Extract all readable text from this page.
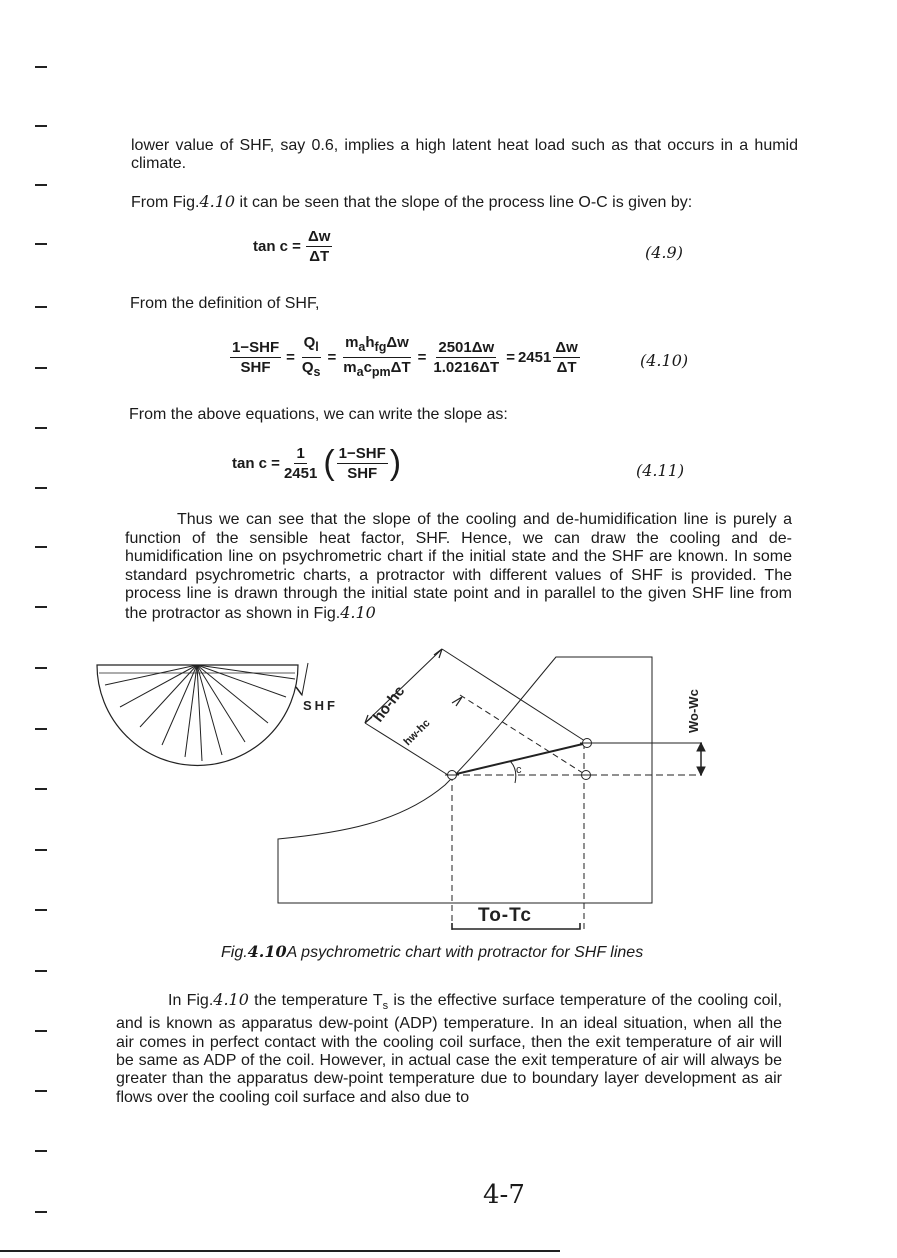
lower value of SHF, say 0.6, implies a high latent heat load such as that occurs in a humid climate.

From Fig.4.10 it can be seen that the slope of the process line O-C is given by:

$\tan c = \frac{\Delta w}{\Delta T}$	(4.9)

From the definition of SHF,

$\frac{\text{1−SHF}}{\text{SHF}} = \frac{Q_l}{Q_s} = \frac{m_ah_{fg}\Delta w}{m_ac_{pm}\Delta T} = \frac{2501\Delta w}{1.0216\Delta T} = 2451 \frac{\Delta w}{\Delta T}$	(4.10)

From the above equations, we can write the slope as:

$\tan c = \frac{1}{2451}$ ( $\frac{\text{1−SHF}}{\text{SHF}}$ )	(4.11)

Thus we can see that the slope of the cooling and de-humidification line is purely a function of the sensible heat factor, SHF. Hence, we can draw the cooling and de-humidification line on psychrometric chart if the initial state and the SHF are known. In some standard psychrometric charts, a protractor with different values of SHF is provided. The process line is drawn through the initial state point and in parallel to the given SHF line from the protractor as shown in Fig.4.10

SHF ho-hc
hw-hc	Wo-Wc
c
To-Tc
Fig.4.10A psychrometric chart with protractor for SHF lines

In Fig.4.10 the temperature $T_s$ is the effective surface temperature of the cooling coil, and is known as apparatus dew-point (ADP) temperature. In an ideal situation, when all the air comes in perfect contact with the cooling coil surface, then the exit temperature of air will be same as ADP of the coil. However, in actual case the exit temperature of air will always be greater than the apparatus dew-point temperature due to boundary layer development as air flows over the cooling coil surface and also due to

4-7
